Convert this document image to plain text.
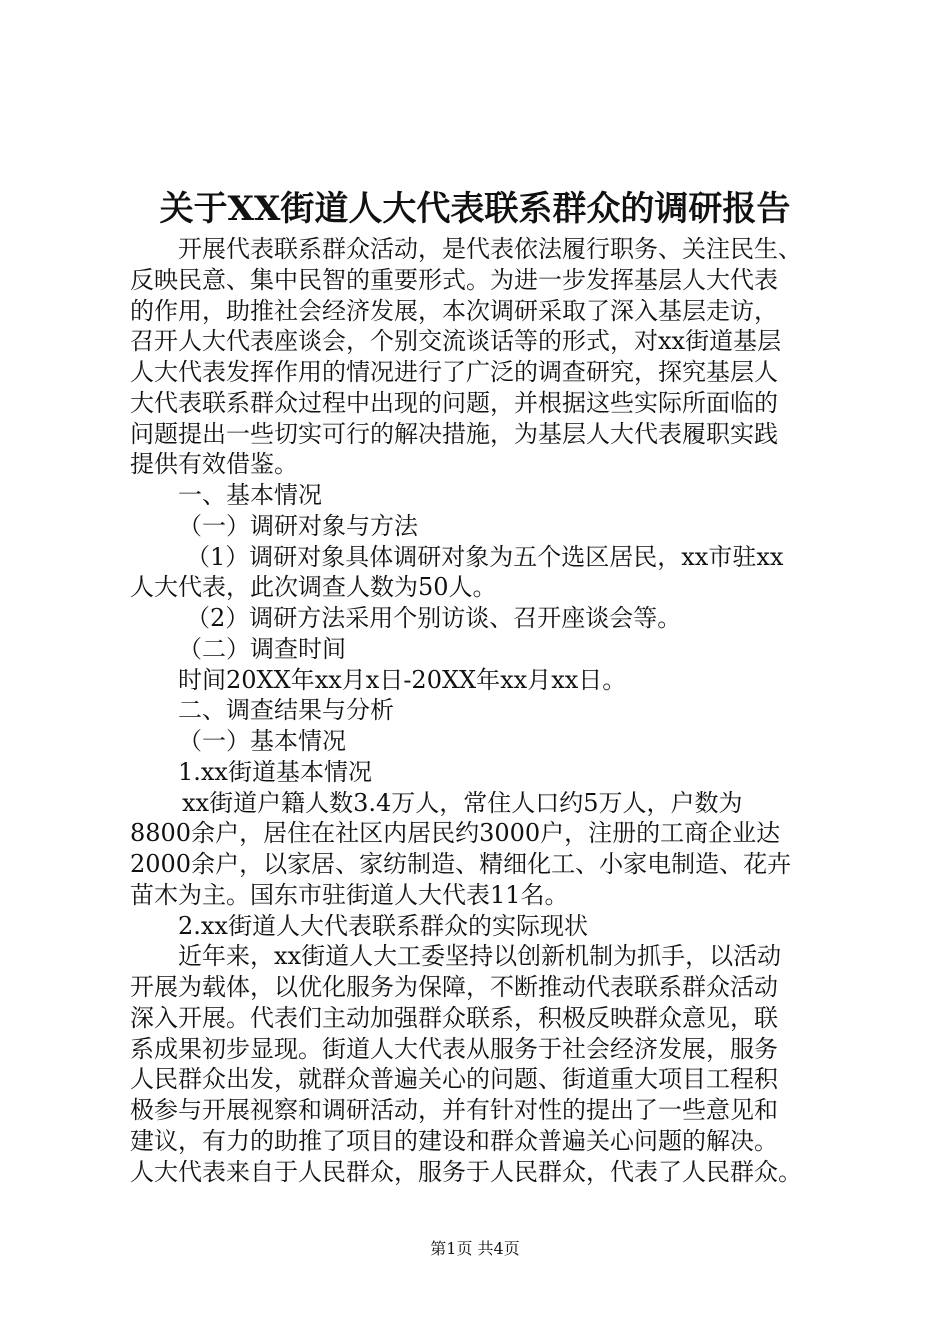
关于XX街道人大代表联系群众的调研报告
开展代表联系群众活动，是代表依法履行职务、关注民生、
反映民意、集中民智的重要形式。为进一步发挥基层人大代表
的作用，助推社会经济发展，本次调研采取了深入基层走访，
召开人大代表座谈会，个别交流谈话等的形式，对xx街道基层
人大代表发挥作用的情况进行了广泛的调查研究，探究基层人
大代表联系群众过程中出现的问题，并根据这些实际所面临的
问题提出一些切实可行的解决措施，为基层人大代表履职实践
提供有效借鉴。
一、基本情况
（一）调研对象与方法
（1）调研对象具体调研对象为五个选区居民，xx市驻xx
人大代表，此次调查人数为50人。
（2）调研方法采用个别访谈、召开座谈会等。
（二）调查时间
时间20XX年xx月x日-20XX年xx月xx日。
二、调查结果与分析
（一）基本情况
1.xx街道基本情况
xx街道户籍人数3.4万人，常住人口约5万人，户数为
8800余户，居住在社区内居民约3000户，注册的工商企业达
2000余户，以家居、家纺制造、精细化工、小家电制造、花卉
苗木为主。国东市驻街道人大代表11名。
2.xx街道人大代表联系群众的实际现状
近年来，xx街道人大工委坚持以创新机制为抓手，以活动
开展为载体，以优化服务为保障，不断推动代表联系群众活动
深入开展。代表们主动加强群众联系，积极反映群众意见，联
系成果初步显现。街道人大代表从服务于社会经济发展，服务
人民群众出发，就群众普遍关心的问题、街道重大项目工程积
极参与开展视察和调研活动，并有针对性的提出了一些意见和
建议，有力的助推了项目的建设和群众普遍关心问题的解决。
人大代表来自于人民群众，服务于人民群众，代表了人民群众。
第1页 共4页
